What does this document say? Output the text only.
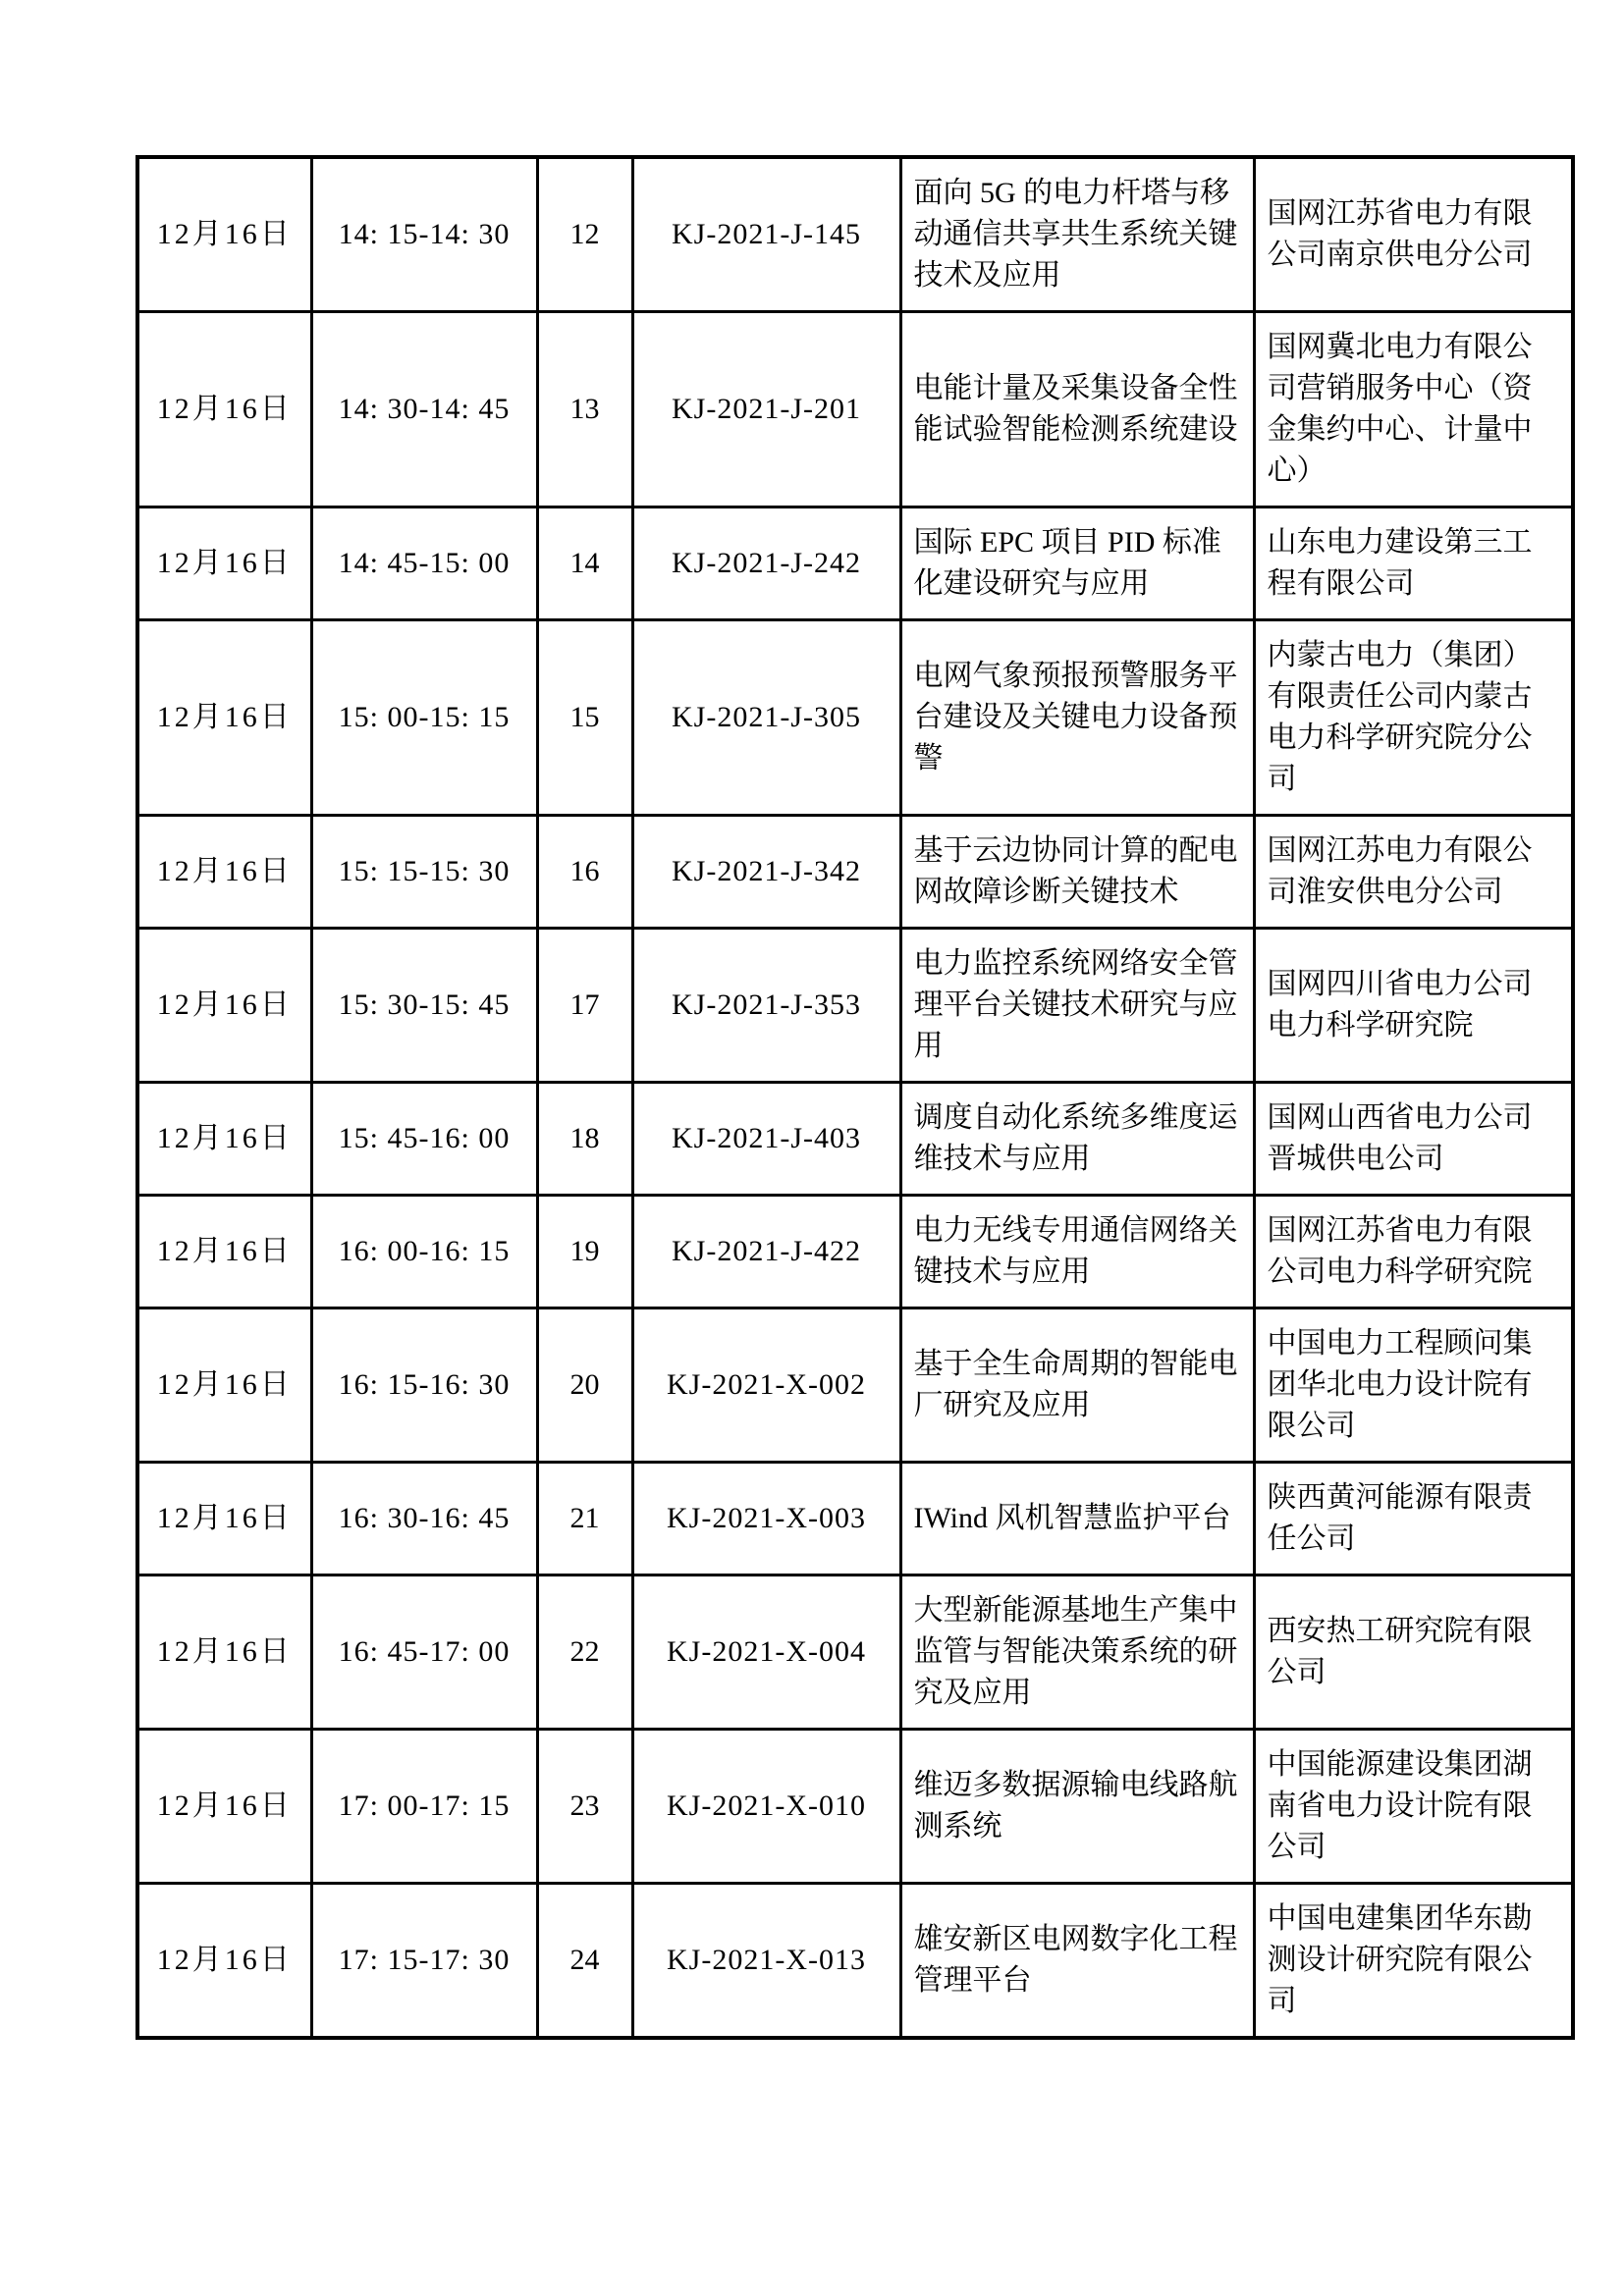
12月16日	14: 15-14: 30	12	KJ-2021-J-145	面向 5G 的电力杆塔与移动通信共享共生系统关键技术及应用	国网江苏省电力有限公司南京供电分公司
12月16日	14: 30-14: 45	13	KJ-2021-J-201	电能计量及采集设备全性能试验智能检测系统建设	国网冀北电力有限公司营销服务中心（资金集约中心、计量中心）
12月16日	14: 45-15: 00	14	KJ-2021-J-242	国际 EPC 项目 PID 标准化建设研究与应用	山东电力建设第三工程有限公司
12月16日	15: 00-15: 15	15	KJ-2021-J-305	电网气象预报预警服务平台建设及关键电力设备预警	内蒙古电力（集团）有限责任公司内蒙古电力科学研究院分公司
12月16日	15: 15-15: 30	16	KJ-2021-J-342	基于云边协同计算的配电网故障诊断关键技术	国网江苏电力有限公司淮安供电分公司
12月16日	15: 30-15: 45	17	KJ-2021-J-353	电力监控系统网络安全管理平台关键技术研究与应用	国网四川省电力公司电力科学研究院
12月16日	15: 45-16: 00	18	KJ-2021-J-403	调度自动化系统多维度运维技术与应用	国网山西省电力公司晋城供电公司
12月16日	16: 00-16: 15	19	KJ-2021-J-422	电力无线专用通信网络关键技术与应用	国网江苏省电力有限公司电力科学研究院
12月16日	16: 15-16: 30	20	KJ-2021-X-002	基于全生命周期的智能电厂研究及应用	中国电力工程顾问集团华北电力设计院有限公司
12月16日	16: 30-16: 45	21	KJ-2021-X-003	IWind 风机智慧监护平台	陕西黄河能源有限责任公司
12月16日	16: 45-17: 00	22	KJ-2021-X-004	大型新能源基地生产集中监管与智能决策系统的研究及应用	西安热工研究院有限公司
12月16日	17: 00-17: 15	23	KJ-2021-X-010	维迈多数据源输电线路航测系统	中国能源建设集团湖南省电力设计院有限公司
12月16日	17: 15-17: 30	24	KJ-2021-X-013	雄安新区电网数字化工程管理平台	中国电建集团华东勘测设计研究院有限公司
